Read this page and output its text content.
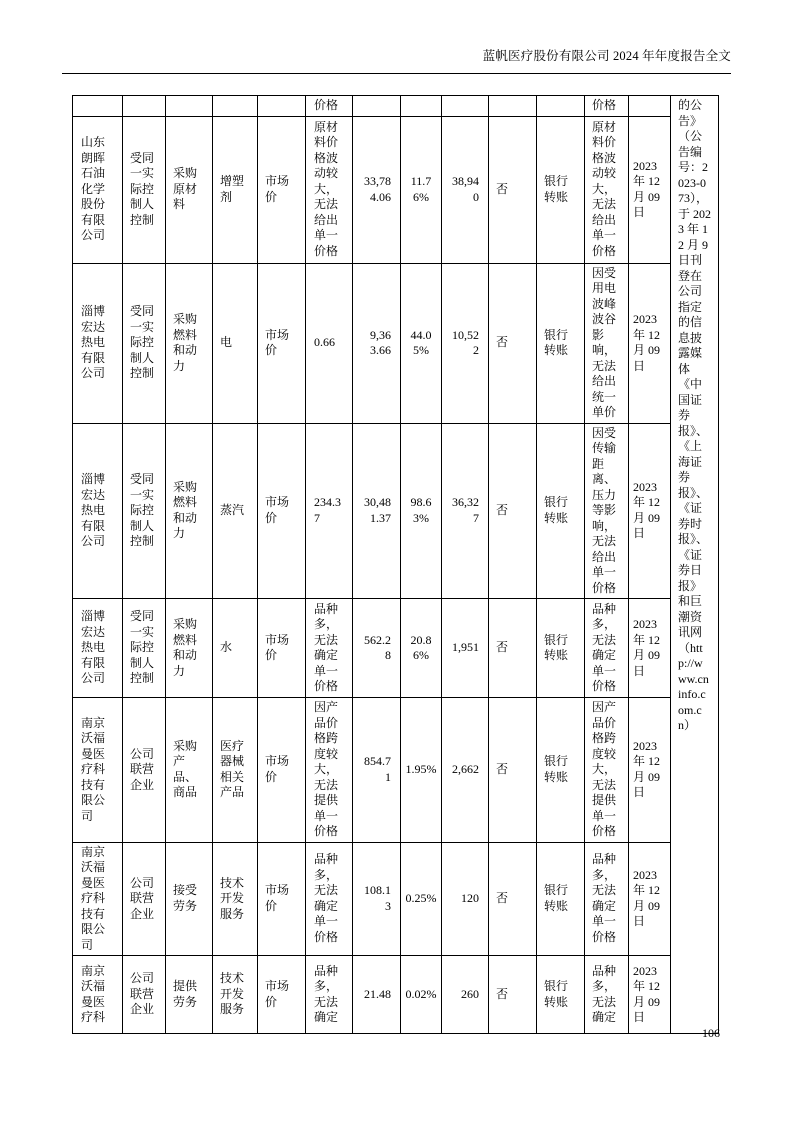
蓝帆医疗股份有限公司 2024 年年度报告全文
					价格						价格		的公告》（公告编号：2023-073），于 2023 年 12 月 9 日刊登在公司指定的信息披露媒体《中国证券报》、《上海证券报》、《证券时报》、《证券日报》和巨潮资讯网（http://www.cninfo.com.cn）
山东朗晖石油化学股份有限公司	受同一实际控制人控制	采购原材料	增塑剂	市场价	原材料价格波动较大，无法给出单一价格	33,784.06	11.76%	38,940	否	银行转账	原材料价格波动较大，无法给出单一价格	2023 年 12 月 09 日	
淄博宏达热电有限公司	受同一实际控制人控制	采购燃料和动力	电	市场价	0.66	9,363.66	44.05%	10,522	否	银行转账	因受用电波峰波谷影响，无法给出统一单价	2023 年 12 月 09 日	
淄博宏达热电有限公司	受同一实际控制人控制	采购燃料和动力	蒸汽	市场价	234.37	30,481.37	98.63%	36,327	否	银行转账	因受传输距离、压力等影响，无法给出单一价格	2023 年 12 月 09 日	
淄博宏达热电有限公司	受同一实际控制人控制	采购燃料和动力	水	市场价	品种多，无法确定单一价格	562.28	20.86%	1,951	否	银行转账	品种多，无法确定单一价格	2023 年 12 月 09 日	
南京沃福曼医疗科技有限公司	公司联营企业	采购产品、商品	医疗器械相关产品	市场价	因产品价格跨度较大，无法提供单一价格	854.71	1.95%	2,662	否	银行转账	因产品价格跨度较大，无法提供单一价格	2023 年 12 月 09 日	
南京沃福曼医疗科技有限公司	公司联营企业	接受劳务	技术开发服务	市场价	品种多，无法确定单一价格	108.13	0.25%	120	否	银行转账	品种多，无法确定单一价格	2023 年 12 月 09 日	
南京沃福曼医疗科	公司联营企业	提供劳务	技术开发服务	市场价	品种多，无法确定	21.48	0.02%	260	否	银行转账	品种多，无法确定	2023 年 12 月 09 日	
106
